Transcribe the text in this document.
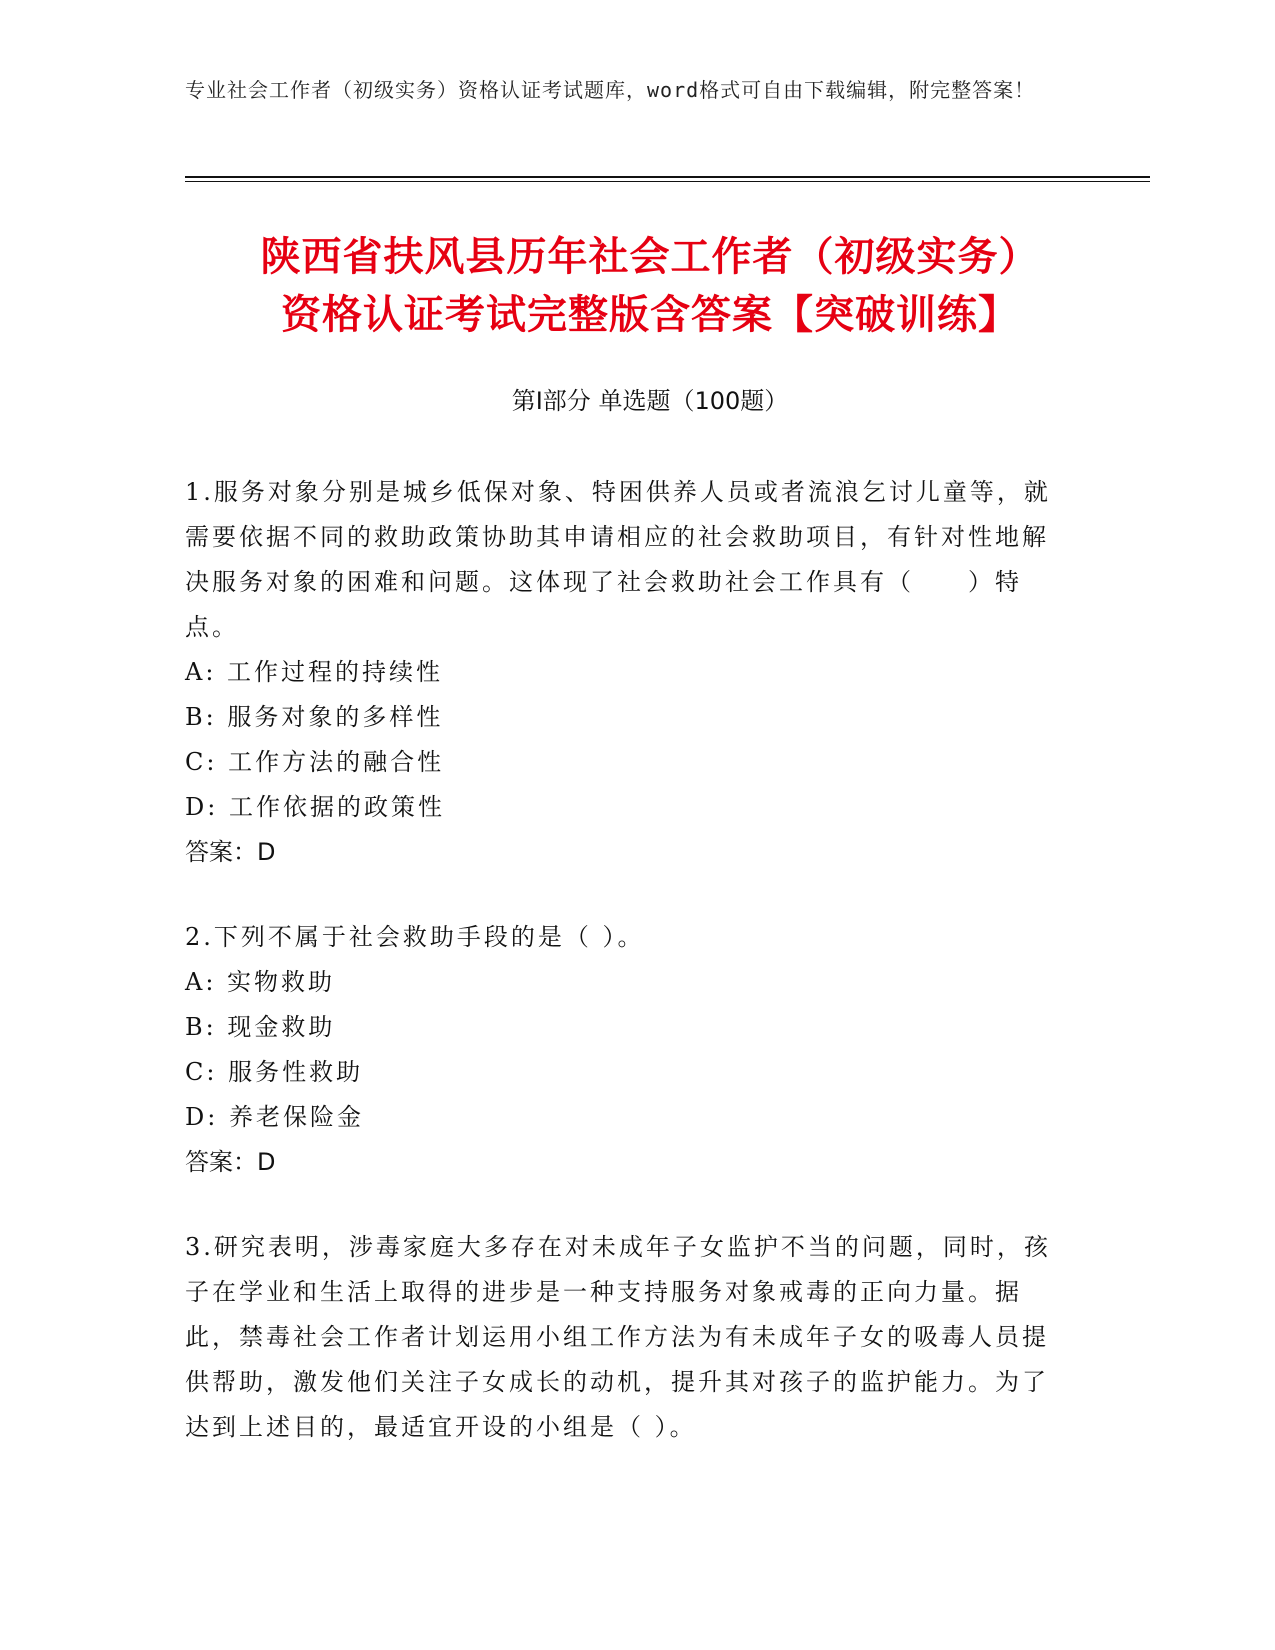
专业社会工作者（初级实务）资格认证考试题库，word格式可自由下载编辑，附完整答案！
陕西省扶风县历年社会工作者（初级实务）
资格认证考试完整版含答案【突破训练】
第Ⅰ部分 单选题（100题）

1.服务对象分别是城乡低保对象、特困供养人员或者流浪乞讨儿童等，就需要依据不同的救助政策协助其申请相应的社会救助项目，有针对性地解决服务对象的困难和问题。这体现了社会救助社会工作具有（　　）特点。

A: 工作过程的持续性

B: 服务对象的多样性

C: 工作方法的融合性

D: 工作依据的政策性

答案：D

2.下列不属于社会救助手段的是（ ）。

A: 实物救助

B: 现金救助

C: 服务性救助

D: 养老保险金

答案：D

3.研究表明，涉毒家庭大多存在对未成年子女监护不当的问题，同时，孩子在学业和生活上取得的进步是一种支持服务对象戒毒的正向力量。据此，禁毒社会工作者计划运用小组工作方法为有未成年子女的吸毒人员提供帮助，激发他们关注子女成长的动机，提升其对孩子的监护能力。为了达到上述目的，最适宜开设的小组是（ ）。
